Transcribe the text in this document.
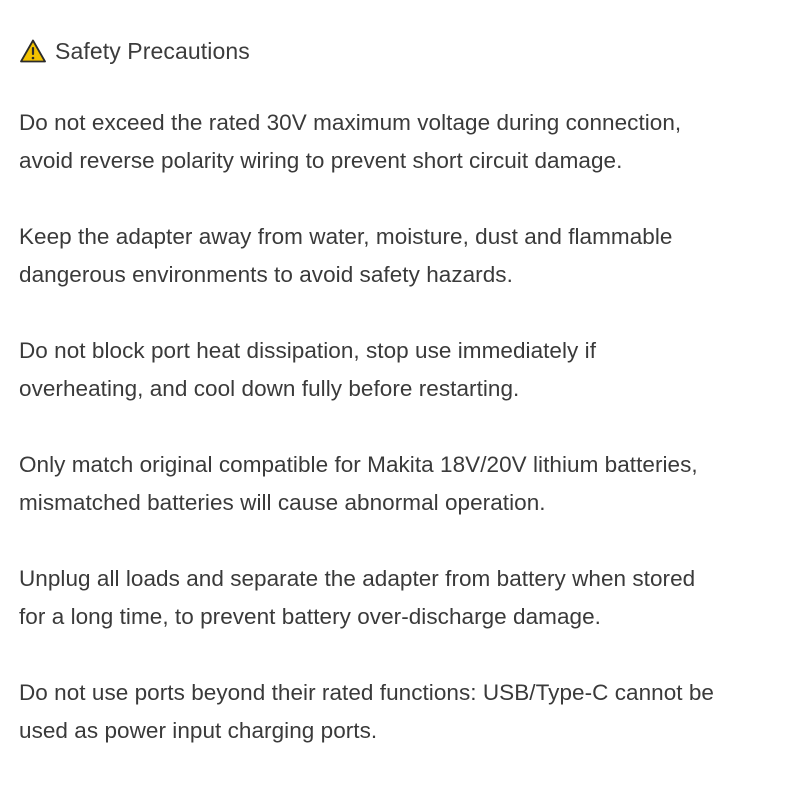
Safety Precautions
Do not exceed the rated 30V maximum voltage during connection,
avoid reverse polarity wiring to prevent short circuit damage.
Keep the adapter away from water, moisture, dust and flammable
dangerous environments to avoid safety hazards.
Do not block port heat dissipation, stop use immediately if
overheating, and cool down fully before restarting.
Only match original compatible for Makita 18V/20V lithium batteries,
mismatched batteries will cause abnormal operation.
Unplug all loads and separate the adapter from battery when stored
for a long time, to prevent battery over-discharge damage.
Do not use ports beyond their rated functions: USB/Type-C cannot be
used as power input charging ports.
